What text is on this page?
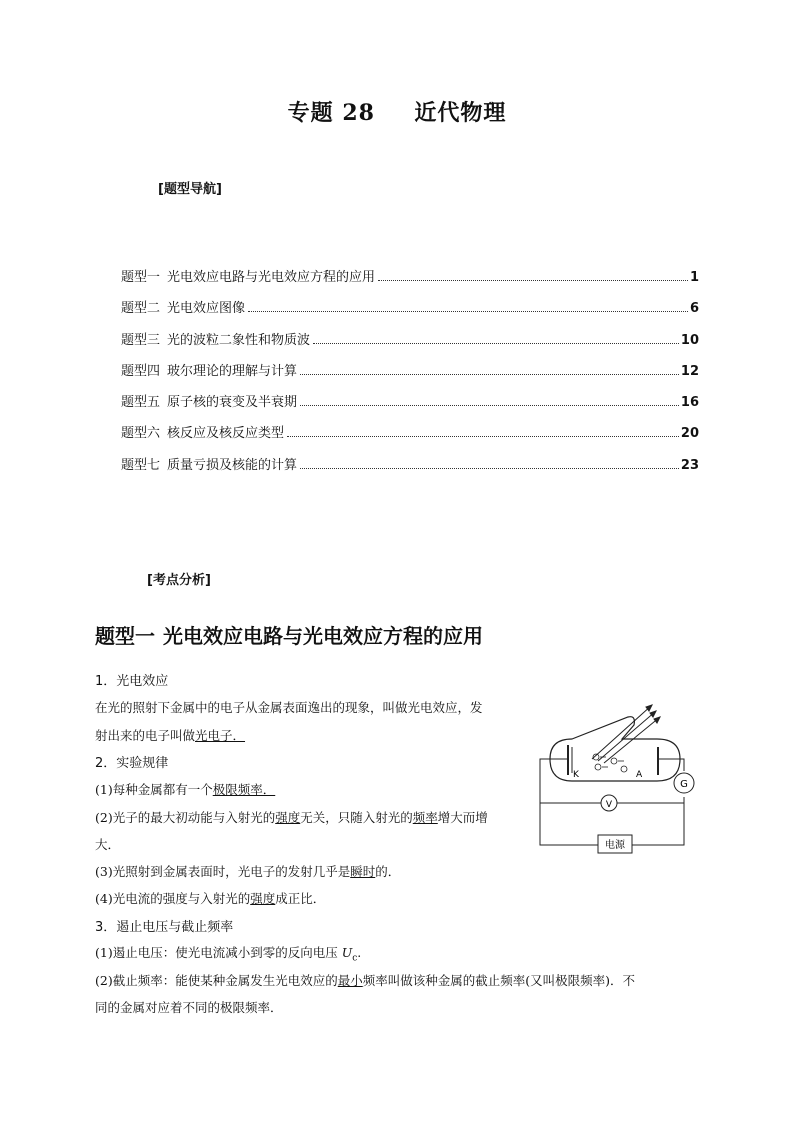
专题 28 近代物理
[题型导航]
题型一 光电效应电路与光电效应方程的应用	1
题型二 光电效应图像	6
题型三 光的波粒二象性和物质波	10
题型四 玻尔理论的理解与计算	12
题型五 原子核的衰变及半衰期	16
题型六 核反应及核反应类型	20
题型七 质量亏损及核能的计算	23
[考点分析]
题型一 光电效应电路与光电效应方程的应用
1．光电效应
在光的照射下金属中的电子从金属表面逸出的现象，叫做光电效应，发
射出来的电子叫做光电子．
2．实验规律
(1)每种金属都有一个极限频率．
(2)光子的最大初动能与入射光的强度无关，只随入射光的频率增大而增
大．
(3)光照射到金属表面时，光电子的发射几乎是瞬时的．
(4)光电流的强度与入射光的强度成正比．
3．遏止电压与截止频率
(1)遏止电压：使光电流减小到零的反向电压 $U_c$.
(2)截止频率：能使某种金属发生光电效应的最小频率叫做该种金属的截止频率(又叫极限频率)．不
同的金属对应着不同的极限频率．
K	A
G
V
电源
